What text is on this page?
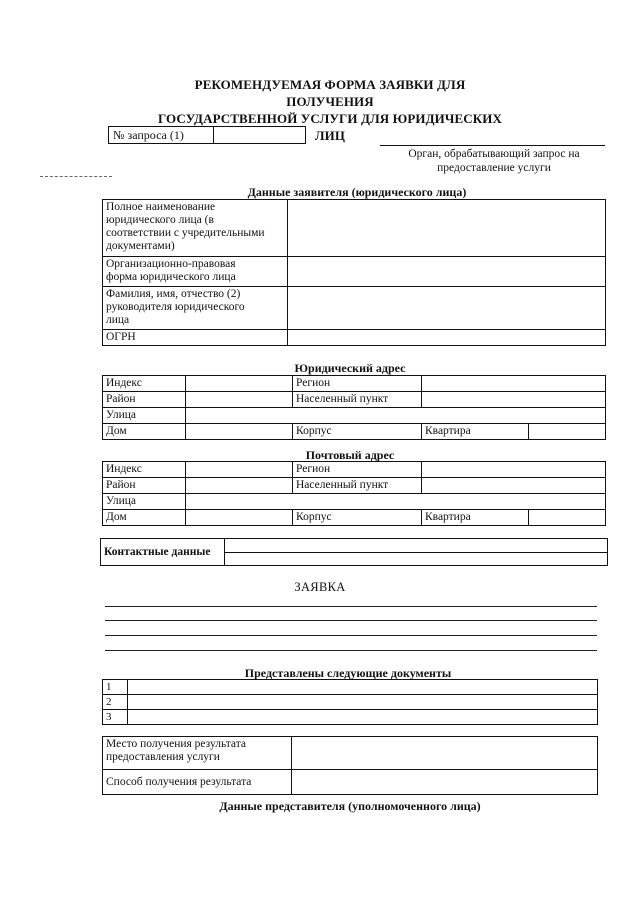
РЕКОМЕНДУЕМАЯ ФОРМА ЗАЯВКИ ДЛЯ ПОЛУЧЕНИЯ
ГОСУДАРСТВЕННОЙ УСЛУГИ ДЛЯ ЮРИДИЧЕСКИХ ЛИЦ
№ запроса (1)
Орган, обрабатывающий запрос на
предоставление услуги
Данные заявителя (юридического лица)
Полное наименование
юридического лица (в
соответствии с учредительными
документами)	

Организационно-правовая
форма юридического лица	

Фамилия, имя, отчество (2)
руководителя юридического
лица	

ОГРН	
Юридический адрес
Индекс		Регион		
Район		Населенный пункт		
Улица				
Дом		Корпус	Квартира	
Почтовый адрес
Индекс		Регион		
Район		Населенный пункт		
Улица				
Дом		Корпус	Квартира	
Контактные данные
ЗАЯВКА
Представлены следующие документы
1	
2	
3	
Место получения результата
предоставления услуги	

Способ получения результата	
Данные представителя (уполномоченного лица)
